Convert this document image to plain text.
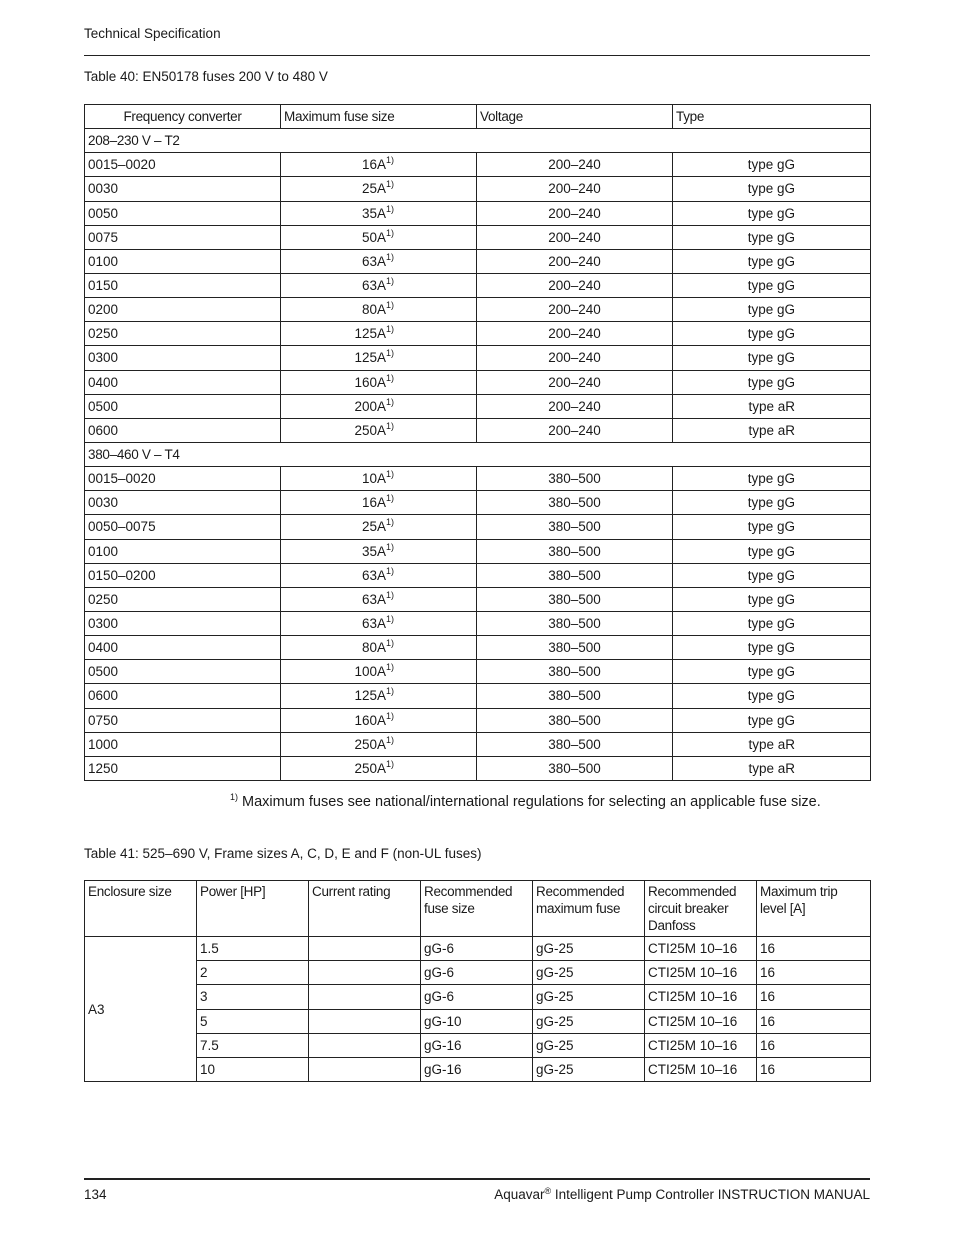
Technical Specification
Table 40: EN50178 fuses 200 V to 480 V
Frequency converter	Maximum fuse size	Voltage	Type
208–230 V – T2			
0015–0020	$16A^{1)}$	200–240	type gG
0030	$25A^{1)}$	200–240	type gG
0050	$35A^{1)}$	200–240	type gG
0075	$50A^{1)}$	200–240	type gG
0100	$63A^{1)}$	200–240	type gG
0150	$63A^{1)}$	200–240	type gG
0200	$80A^{1)}$	200–240	type gG
0250	$125A^{1)}$	200–240	type gG
0300	$125A^{1)}$	200–240	type gG
0400	$160A^{1)}$	200–240	type gG
0500	$200A^{1)}$	200–240	type aR
0600	$250A^{1)}$	200–240	type aR
380–460 V – T4			
0015–0020	$10A^{1)}$	380–500	type gG
0030	$16A^{1)}$	380–500	type gG
0050–0075	$25A^{1)}$	380–500	type gG
0100	$35A^{1)}$	380–500	type gG
0150–0200	$63A^{1)}$	380–500	type gG
0250	$63A^{1)}$	380–500	type gG
0300	$63A^{1)}$	380–500	type gG
0400	$80A^{1)}$	380–500	type gG
0500	$100A^{1)}$	380–500	type gG
0600	$125A^{1)}$	380–500	type gG
0750	$160A^{1)}$	380–500	type gG
1000	$250A^{1)}$	380–500	type aR
1250	$250A^{1)}$	380–500	type aR
$^{1)}$ Maximum fuses see national/international regulations for selecting an applicable fuse size.
Table 41: 525–690 V, Frame sizes A, C, D, E and F (non-UL fuses)
Enclosure size	Power [HP]	Current rating	Recommended fuse size	Recommended maximum fuse	Recommended circuit breaker Danfoss	Maximum trip level [A]
A3	1.5		gG-6	gG-25	CTI25M 10–16	16
	2		gG-6	gG-25	CTI25M 10–16	16
	3		gG-6	gG-25	CTI25M 10–16	16
	5		gG-10	gG-25	CTI25M 10–16	16
	7.5		gG-16	gG-25	CTI25M 10–16	16
	10		gG-16	gG-25	CTI25M 10–16	16
134	Aquavar® Intelligent Pump Controller INSTRUCTION MANUAL
